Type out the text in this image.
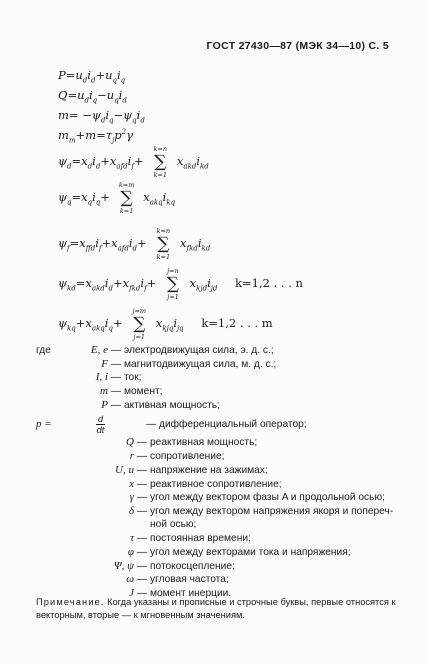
ГОСТ 27430—87 (МЭК 34—10) С. 5
$P=u_di_d+u_qi_q$
$Q=u_di_q-u_qi_d$
$m= -\psi_di_q-\psi_qi_d$
$m_m+m=\tau_jp^2\gamma$
$\psi_d=x_di_d+x_{afd}i_f+$
k=n
∑
k=1
$x_{akd}i_{kd}$
$\psi_q=x_qi_q+$
k=m
∑
k=1
$x_{akq}i_{kq}$
$\psi_f=x_{ffd}i_f+x_{afd}i_d+$
k=n
∑
k=1
$x_{fkd}i_{kd}$
$\psi_{kd}=x_{akd}i_d+x_{fkd}i_f+$
j=n
∑
j=1
$x_{kjd}i_{jd}$ k=1,2 . . . n
$\psi_{kq}+x_{akq}i_q+$
j=m
∑
j=1
$x_{kjq}i_{jq}$ k=1,2 . . . m
где	E, e — электродвижущая сила, э. д. с.;
F — магнитодвижущая сила, м. д. с.;
I, i — ток;
m — момент;
P — активная мощность;
p =	$\frac{d}{dt}$	— дифференциальный оператор;
Q — реактивная мощность;
r — сопротивление;
U, u — напряжение на зажимах;
x — реактивное сопротивление;
γ — угол между вектором фазы A и продольной осью;
δ — угол между вектором напряжения якоря и попереч-
ной осью;
τ — постоянная времени;
φ — угол между векторами тока и напряжения;
Ψ, ψ — потокосцепление;
ω — угловая частота;
J — момент инерции.
Примечание. Когда указаны и прописные и строчные буквы, первые относятся к векторным, вторые — к мгновенным значениям.
